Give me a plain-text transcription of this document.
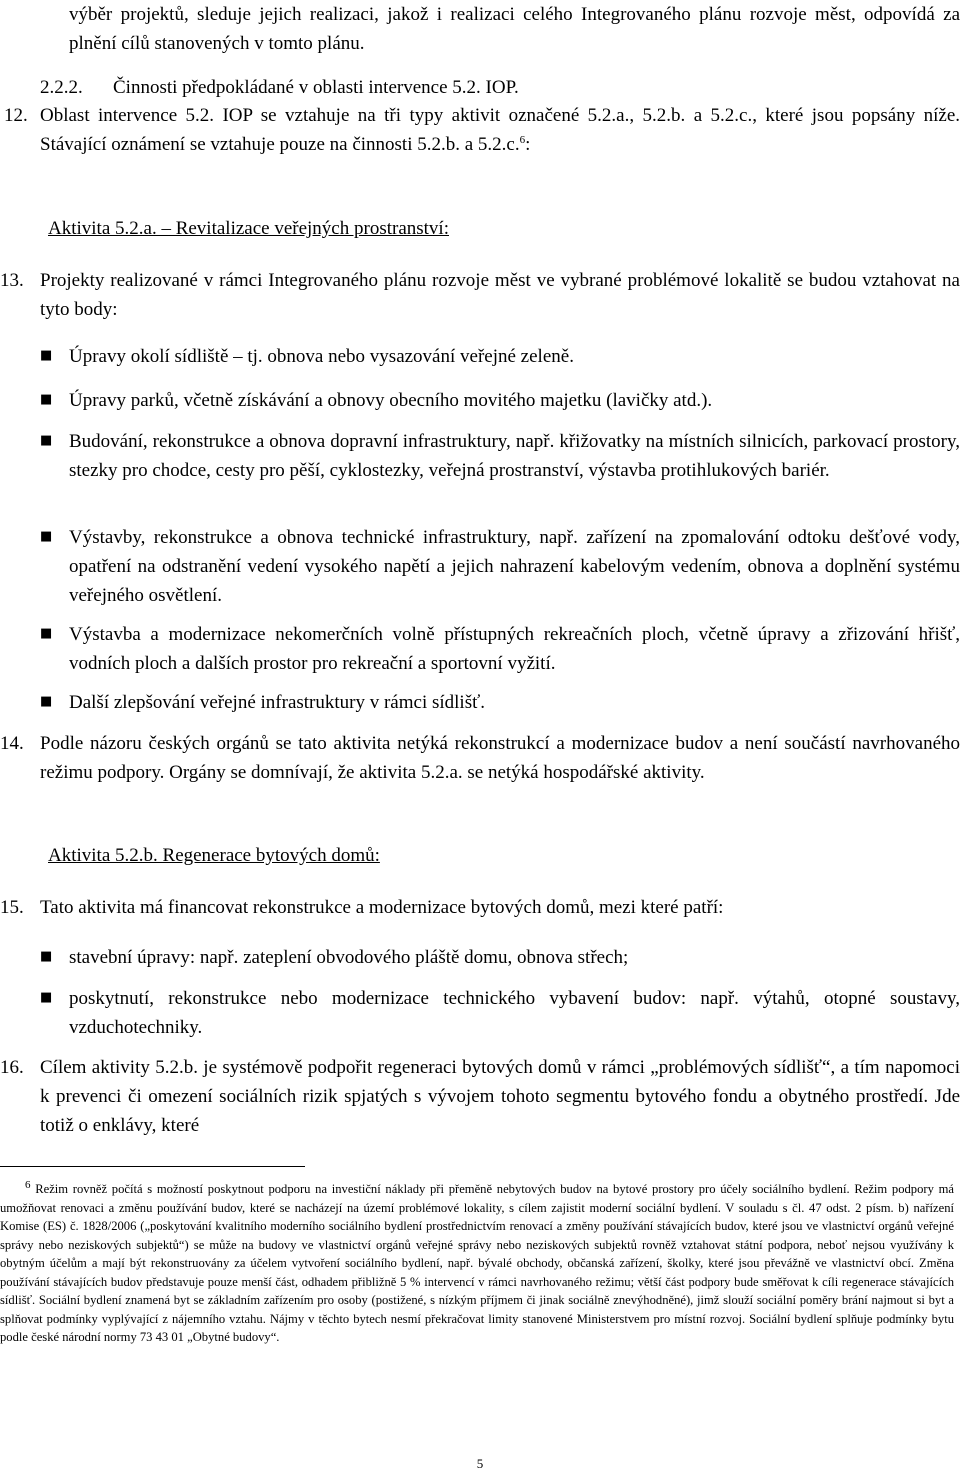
výběr projektů, sleduje jejich realizaci, jakož i realizaci celého Integrovaného plánu rozvoje měst, odpovídá za plnění cílů stanovených v tomto plánu.
2.2.2. Činnosti předpokládané v oblasti intervence 5.2. IOP.
12. Oblast intervence 5.2. IOP se vztahuje na tři typy aktivit označené 5.2.a., 5.2.b. a 5.2.c., které jsou popsány níže. Stávající oznámení se vztahuje pouze na činnosti 5.2.b. a 5.2.c.$^6$:
Aktivita 5.2.a. – Revitalizace veřejných prostranství:
13. Projekty realizované v rámci Integrovaného plánu rozvoje měst ve vybrané problémové lokalitě se budou vztahovat na tyto body:
■ Úpravy okolí sídliště – tj. obnova nebo vysazování veřejné zeleně.
■ Úpravy parků, včetně získávání a obnovy obecního movitého majetku (lavičky atd.).
■ Budování, rekonstrukce a obnova dopravní infrastruktury, např. křižovatky na místních silnicích, parkovací prostory, stezky pro chodce, cesty pro pěší, cyklostezky, veřejná prostranství, výstavba protihlukových bariér.
■ Výstavby, rekonstrukce a obnova technické infrastruktury, např. zařízení na zpomalování odtoku dešťové vody, opatření na odstranění vedení vysokého napětí a jejich nahrazení kabelovým vedením, obnova a doplnění systému veřejného osvětlení.
■ Výstavba a modernizace nekomerčních volně přístupných rekreačních ploch, včetně úpravy a zřizování hřišť, vodních ploch a dalších prostor pro rekreační a sportovní vyžití.
■ Další zlepšování veřejné infrastruktury v rámci sídlišť.
14. Podle názoru českých orgánů se tato aktivita netýká rekonstrukcí a modernizace budov a není součástí navrhovaného režimu podpory. Orgány se domnívají, že aktivita 5.2.a. se netýká hospodářské aktivity.
Aktivita 5.2.b. Regenerace bytových domů:
15. Tato aktivita má financovat rekonstrukce a modernizace bytových domů, mezi které patří:
■ stavební úpravy: např. zateplení obvodového pláště domu, obnova střech;
■ poskytnutí, rekonstrukce nebo modernizace technického vybavení budov: např. výtahů, otopné soustavy, vzduchotechniky.
16. Cílem aktivity 5.2.b. je systémově podpořit regeneraci bytových domů v rámci „problémových sídlišť“, a tím napomoci k prevenci či omezení sociálních rizik spjatých s vývojem tohoto segmentu bytového fondu a obytného prostředí. Jde totiž o enklávy, které
$^6$ Režim rovněž počítá s možností poskytnout podporu na investiční náklady při přeměně nebytových budov na bytové prostory pro účely sociálního bydlení. Režim podpory má umožňovat renovaci a změnu používání budov, které se nacházejí na území problémové lokality, s cílem zajistit moderní sociální bydlení. V souladu s čl. 47 odst. 2 písm. b) nařízení Komise (ES) č. 1828/2006 („poskytování kvalitního moderního sociálního bydlení prostřednictvím renovací a změny používání stávajících budov, které jsou ve vlastnictví orgánů veřejné správy nebo neziskových subjektů“) se může na budovy ve vlastnictví orgánů veřejné správy nebo neziskových subjektů rovněž vztahovat státní podpora, neboť nejsou využívány k obytným účelům a mají být rekonstruovány za účelem vytvoření sociálního bydlení, např. bývalé obchody, občanská zařízení, školky, které jsou převážně ve vlastnictví obcí. Změna používání stávajících budov představuje pouze menší část, odhadem přibližně 5 % intervencí v rámci navrhovaného režimu; větší část podpory bude směřovat k cíli regenerace stávajících sídlišť. Sociální bydlení znamená byt se základním zařízením pro osoby (postižené, s nízkým příjmem či jinak sociálně znevýhodněné), jimž slouží sociální poměry brání najmout si byt a splňovat podmínky vyplývající z nájemního vztahu. Nájmy v těchto bytech nesmí překračovat limity stanovené Ministerstvem pro místní rozvoj. Sociální bydlení splňuje podmínky bytu podle české národní normy 73 43 01 „Obytné budovy“.
5
